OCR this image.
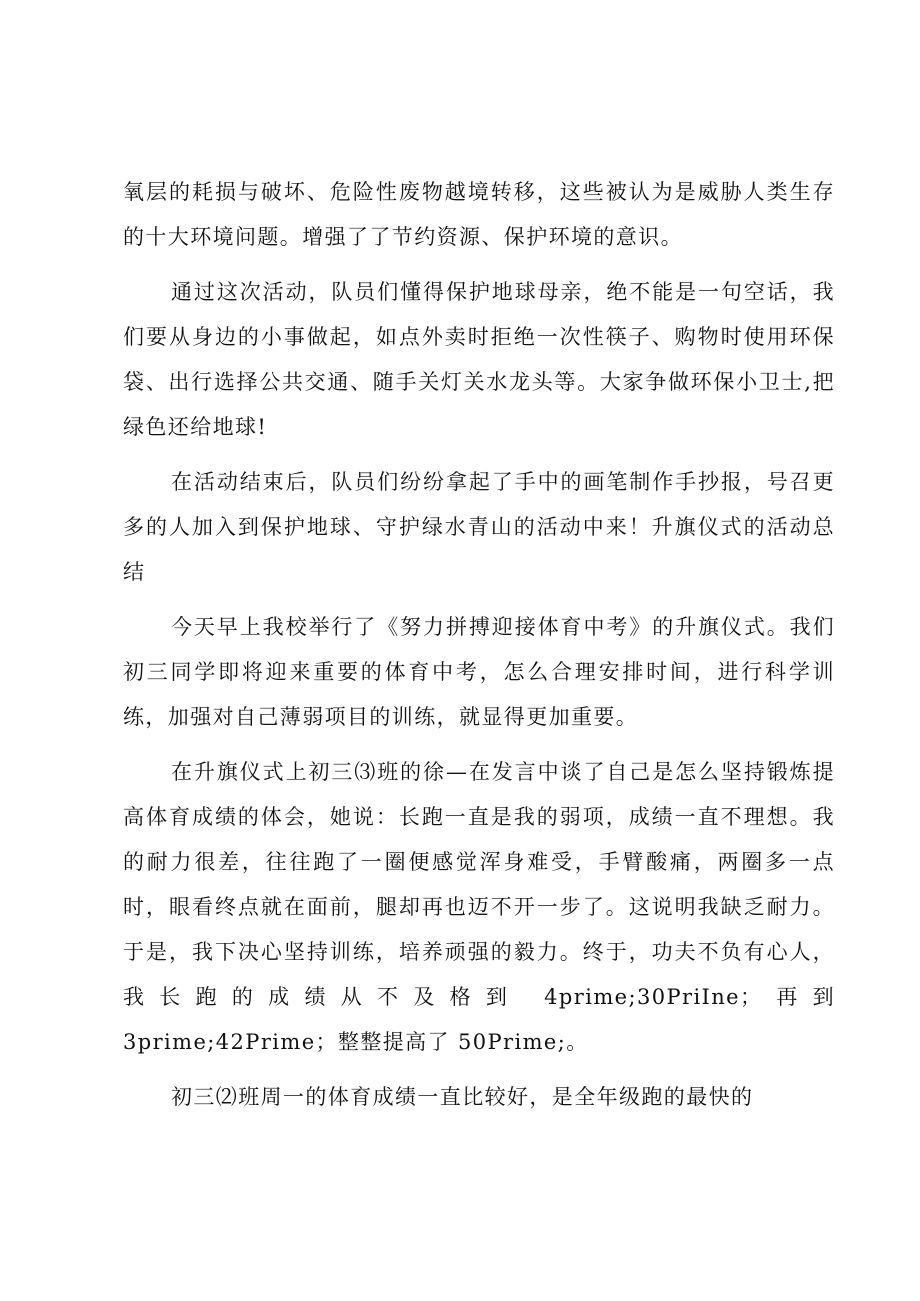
氧层的耗损与破坏、危险性废物越境转移，这些被认为是威胁人类生存的十大环境问题。增强了了节约资源、保护环境的意识。

通过这次活动，队员们懂得保护地球母亲，绝不能是一句空话，我们要从身边的小事做起，如点外卖时拒绝一次性筷子、购物时使用环保袋、出行选择公共交通、随手关灯关水龙头等。大家争做环保小卫士,把绿色还给地球!

在活动结束后，队员们纷纷拿起了手中的画笔制作手抄报，号召更多的人加入到保护地球、守护绿水青山的活动中来！升旗仪式的活动总结

今天早上我校举行了《努力拼搏迎接体育中考》的升旗仪式。我们初三同学即将迎来重要的体育中考，怎么合理安排时间，进行科学训练，加强对自己薄弱项目的训练，就显得更加重要。

在升旗仪式上初三⑶班的徐—在发言中谈了自己是怎么坚持锻炼提高体育成绩的体会，她说：长跑一直是我的弱项，成绩一直不理想。我的耐力很差，往往跑了一圈便感觉浑身难受，手臂酸痛，两圈多一点时，眼看终点就在面前，腿却再也迈不开一步了。这说明我缺乏耐力。于是，我下决心坚持训练，培养顽强的毅力。终于，功夫不负有心人，我长跑的成绩从不及格到 4prime;30PriIne；再到 3prime;42Prime；整整提高了 50Prime;。

初三⑵班周一的体育成绩一直比较好，是全年级跑的最快的
